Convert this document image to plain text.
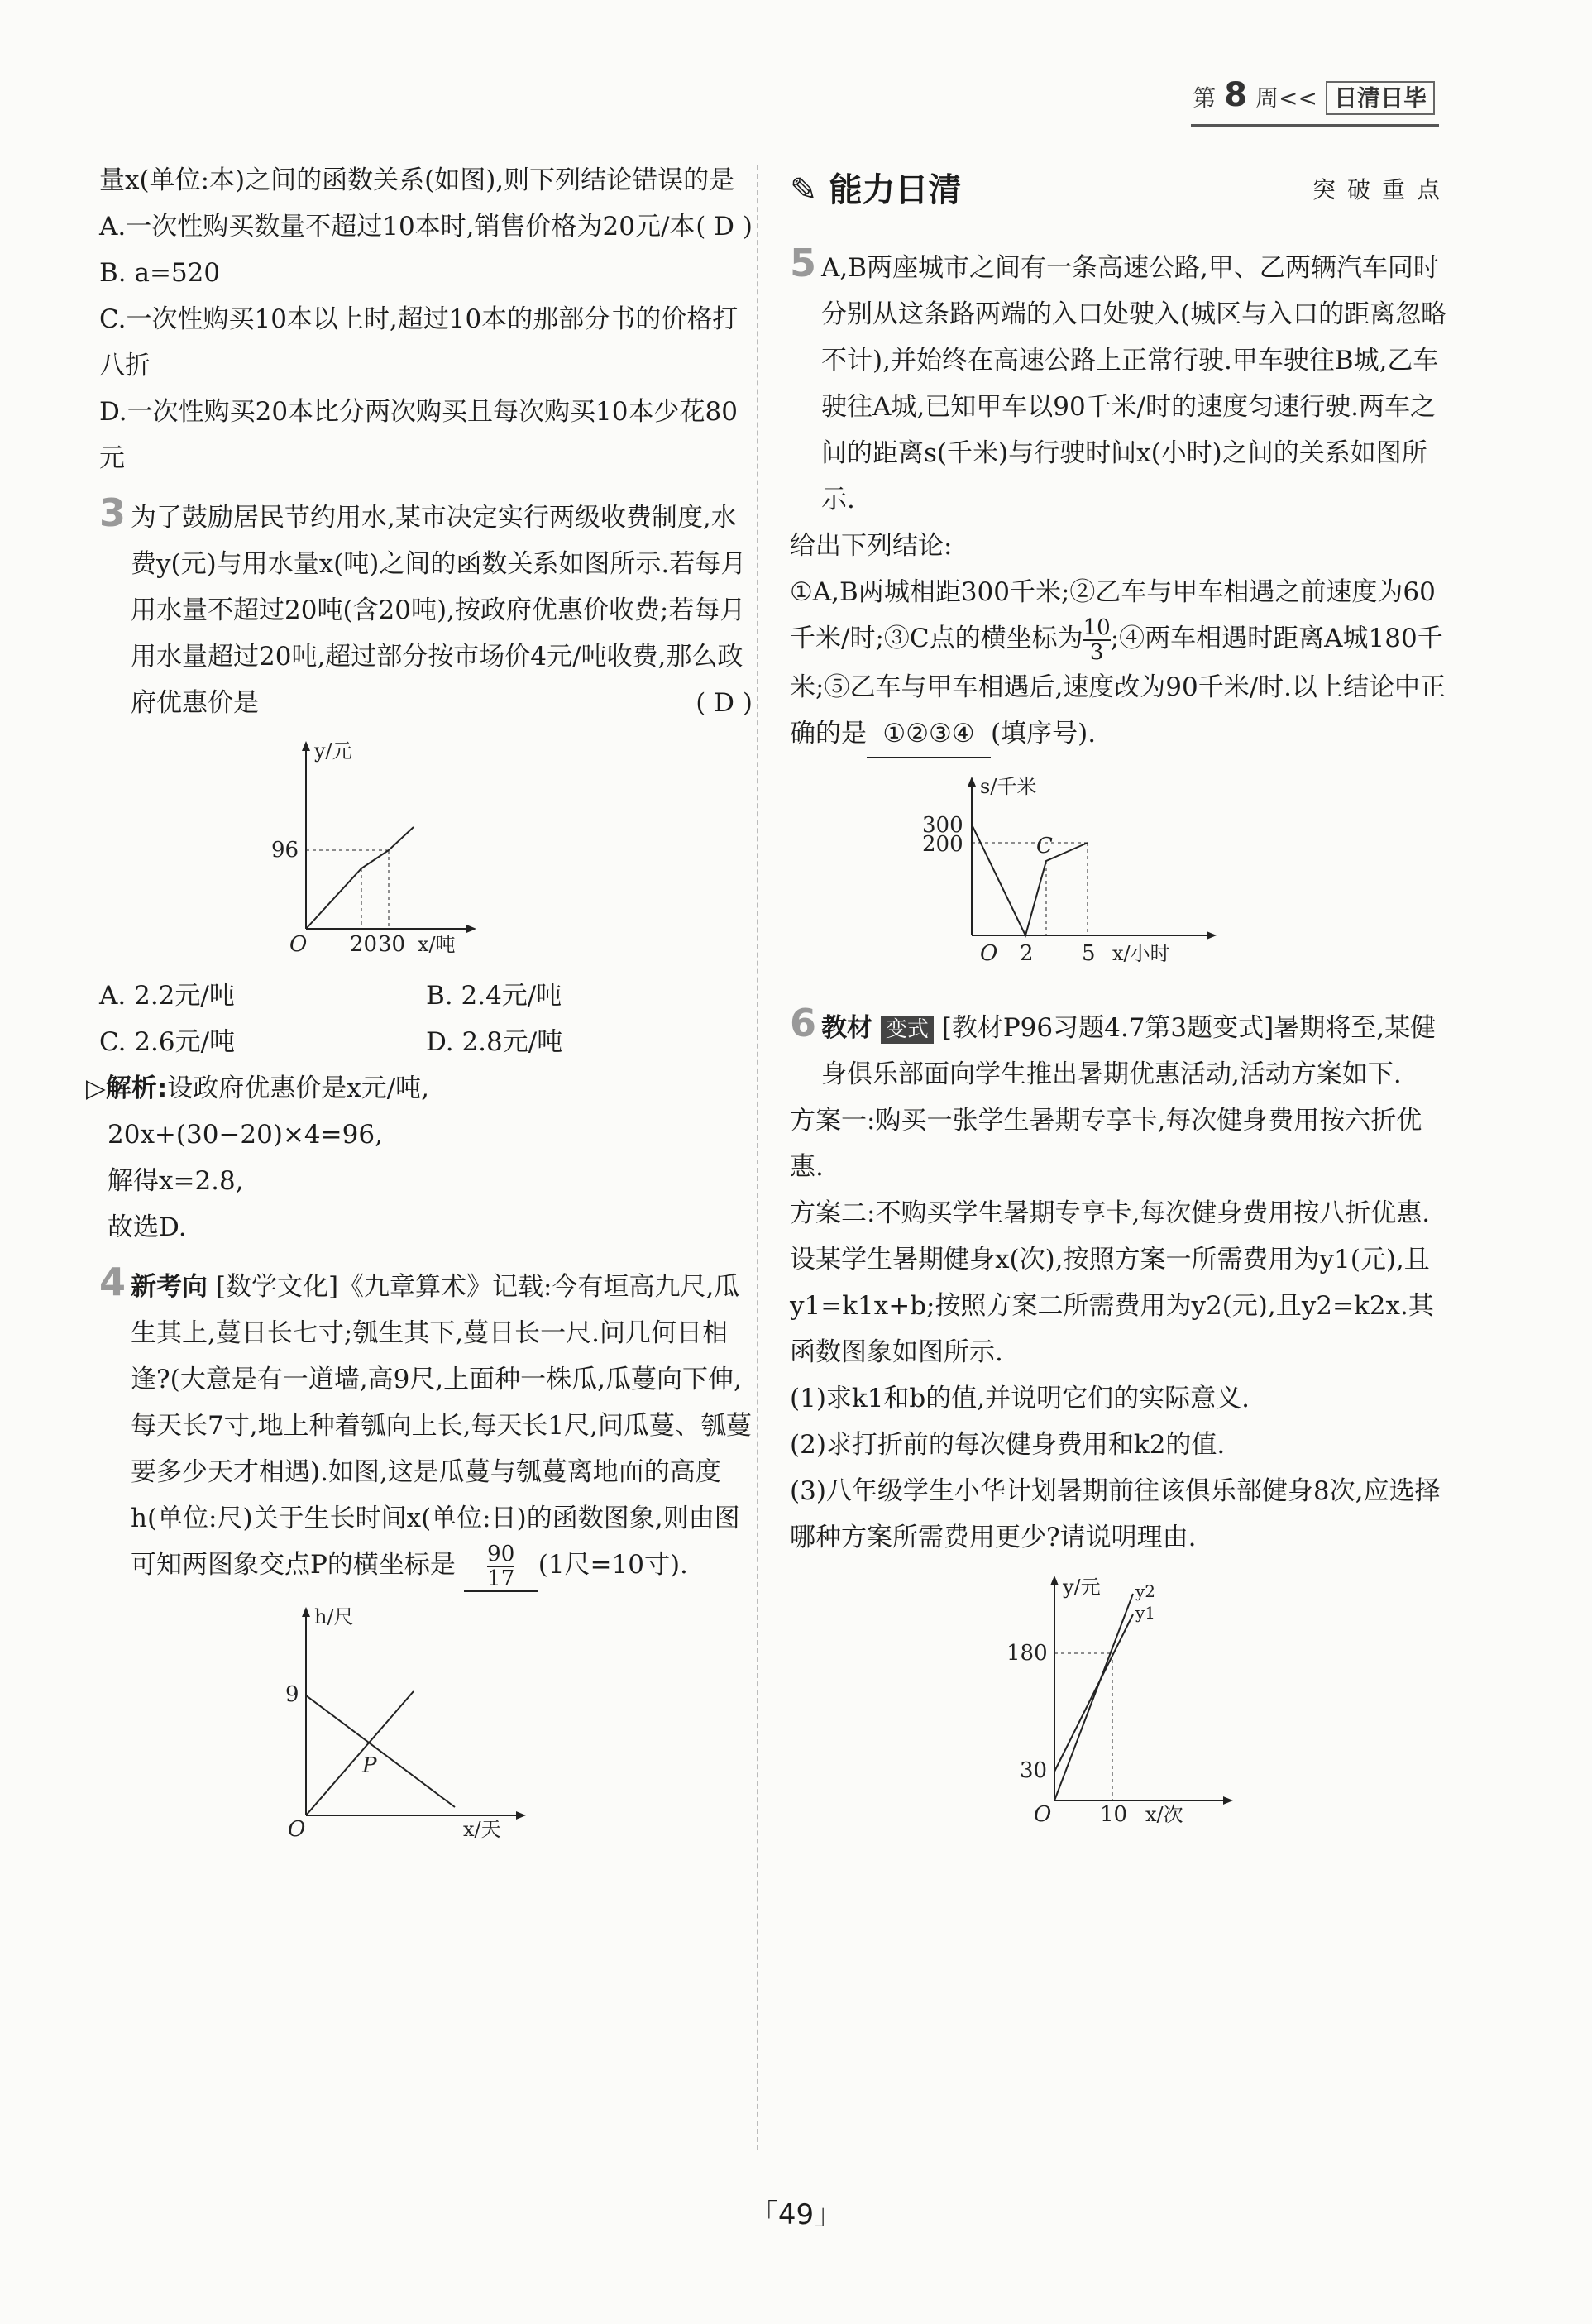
第 8 周<< 日清日毕

量x(单位:本)之间的函数关系(如图),则下列结论错误的是
( D )

A.一次性购买数量不超过10本时,销售价格为20元/本

B. a=520

C.一次性购买10本以上时,超过10本的那部分书的价格打八折

D.一次性购买20本比分两次购买且每次购买10本少花80元

3 为了鼓励居民节约用水,某市决定实行两级收费制度,水费y(元)与用水量x(吨)之间的函数关系如图所示.若每月用水量不超过20吨(含20吨),按政府优惠价收费;若每月用水量超过20吨,超过部分按市场价4元/吨收费,那么政府优惠价是	( D )

y/元
96
O 20 30 x/吨

A. 2.2元/吨	B. 2.4元/吨

C. 2.6元/吨	D. 2.8元/吨

▷解析:设政府优惠价是x元/吨,

20x+(30−20)×4=96,

解得x=2.8,

故选D.

4 新考向 [数学文化]《九章算术》记载:今有垣高九尺,瓜生其上,蔓日长七寸;瓠生其下,蔓日长一尺.问几何日相逢?(大意是有一道墙,高9尺,上面种一株瓜,瓜蔓向下伸,每天长7寸,地上种着瓠向上长,每天长1尺,问瓜蔓、瓠蔓要多少天才相遇).如图,这是瓜蔓与瓠蔓离地面的高度h(单位:尺)关于生长时间x(单位:日)的函数图象,则由图可知两图象交点P的横坐标是 $\frac{90}{17} (1$尺=10寸).

h/尺
9
P
O	x/天
✎ 能力日清	突破重点

5 A,B两座城市之间有一条高速公路,甲、乙两辆汽车同时分别从这条路两端的入口处驶入(城区与入口的距离忽略不计),并始终在高速公路上正常行驶.甲车驶往B城,乙车驶往A城,已知甲车以90千米/时的速度匀速行驶.两车之间的距离s(千米)与行驶时间x(小时)之间的关系如图所示.

给出下列结论:

①A,B两城相距300千米;②乙车与甲车相遇之前速度为60千米/时;③C点的横坐标为 $\frac{10}{3}$ ;④两车相遇时距离A城180千米;⑤乙车与甲车相遇后,速度改为90千米/时.以上结论中正确的是 ①②③④ (填序号).

s/千米
300
200	C
O 2 5 x/小时

6 教材 变式 [教材P96习题4.7第3题变式]暑期将至,某健身俱乐部面向学生推出暑期优惠活动,活动方案如下.

方案一:购买一张学生暑期专享卡,每次健身费用按六折优惠.

方案二:不购买学生暑期专享卡,每次健身费用按八折优惠.

设某学生暑期健身x(次),按照方案一所需费用为y1(元),且y1=k1x+b;按照方案二所需费用为y2(元),且y2=k2x.其函数图象如图所示.

(1)求k1和b的值,并说明它们的实际意义.

(2)求打折前的每次健身费用和k2的值.

(3)八年级学生小华计划暑期前往该俱乐部健身8次,应选择哪种方案所需费用更少?请说明理由.

y/元 y2
y1
180
30
O 10 x/次
「49」
